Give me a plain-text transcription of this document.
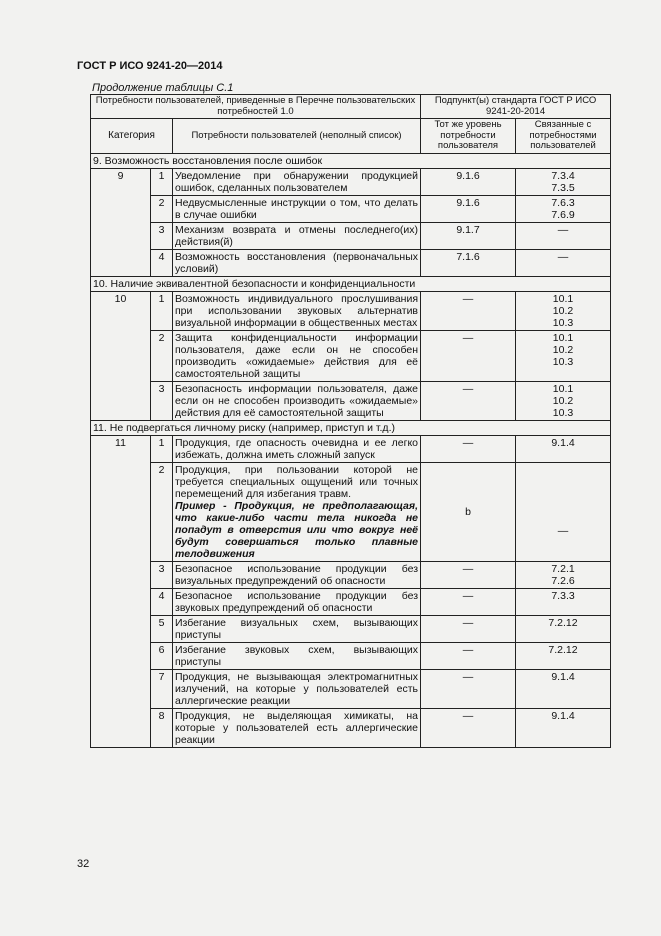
ГОСТ Р ИСО 9241-20—2014
Продолжение таблицы С.1
Потребности пользователей, приведенные в Перечне пользовательских потребностей 1.0			Подпункт(ы) стандарта ГОСТ Р ИСО 9241-20-2014	
Категория		Потребности пользователей (неполный список)	Тот же уровень потребности пользователя	Связанные с потребностями пользователей
9. Возможность восстановления после ошибок				
9	1	Уведомление при обнаружении продукцией ошибок, сделанных пользователем	9.1.6	7.3.4
7.3.5

	2	Недвусмысленные инструкции о том, что делать в случае ошибки	9.1.6	7.6.3
7.6.9

	3	Механизм возврата и отмены последнего(их) действия(й)	9.1.7	—

	4	Возможность восстановления (первоначальных условий)	7.1.6	—

10. Наличие эквивалентной безопасности и конфиденциальности				
10	1	Возможность индивидуального прослушивания при использовании звуковых альтернатив визуальной информации в общественных местах	—	10.1
10.2
10.3

	2	Защита конфиденциальности информации пользователя, даже если он не способен производить «ожидаемые» действия для её самостоятельной защиты	—	10.1
10.2
10.3

	3	Безопасность информации пользователя, даже если он не способен производить «ожидаемые» действия для её самостоятельной защиты	—	10.1
10.2
10.3

11. Не подвергаться личному риску (например, приступ и т.д.)				
11	1	Продукция, где опасность очевидна и ее легко избежать, должна иметь сложный запуск	—	9.1.4

	2	Продукция, при пользовании которой не требуется специальных ощущений или точных перемещений для избегания травм.
Пример - Продукция, не предполагающая, что какие-либо части тела никогда не попадут в отверстия или что вокруг неё будут совершаться только плавные телодвижения	b	—

	3	Безопасное использование продукции без визуальных предупреждений об опасности	—	7.2.1
7.2.6

	4	Безопасное использование продукции без звуковых предупреждений об опасности	—	7.3.3

	5	Избегание визуальных схем, вызывающих приступы	—	7.2.12

	6	Избегание звуковых схем, вызывающих приступы	—	7.2.12

	7	Продукция, не вызывающая электромагнитных излучений, на которые у пользователей есть аллергические реакции	—	9.1.4

	8	Продукция, не выделяющая химикаты, на которые у пользователей есть аллергические реакции	—	9.1.4
32
